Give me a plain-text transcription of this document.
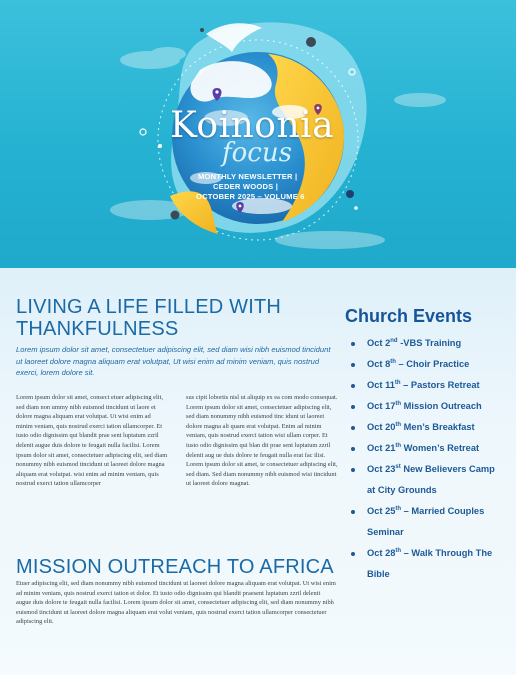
Koinonia
focus
MONTHLY NEWSLETTER |
CEDER WOODS |
OCTOBER 2025 – VOLUME 6
LIVING A LIFE FILLED WITH THANKFULNESS
Lorem ipsum dolor sit amet, consectetuer adipiscing elit, sed diam wisi nibh euismod tincidunt ut laoreet dolore magna aliquam erat volutpat, Ut wisi enim ad minim veniam, quis nostrud exerci, lorem dolore sit.
Lorem ipsum dolor sit amet, consect etuer adipiscing elit, sed diam non ummy nibh euismod tincidunt ut laore et dolore magna aliquam erat volutpat. Ut wisi enim ad minim veniam, quis nostrud exerci tation ullamcorper. Et iusto odio dignissim qui blandit prae sent luptatum zzril delenit augue duis dolore te feugait nulla facilisi. Lorem ipsum dolor sit amet, consectetuer adipiscing elit, sed diam nonummy nibh euismod tincidunt ut laoreet dolore magna aliquam erat volutpat. wisi enim ad minim veniam, quis nostrud exerci tation ullamcorper
sus cipit lobortis nisl ut aliquip ex ea com modo consequat. Lorem ipsum dolor sit amet, consectetuer adipiscing elit, sed diam nonummy nibh euismod tinc idunt ut laoreet dolore magna ali quam erat volutpat. Enim ad minim veniam, quis nostrud exerci tation wisi ullam corper. Et iusto odio dignissim qui blan dit prae sent luptatum zzril delenit aug ue duis dolore te feugait nulla erat fac ilisi. Lorem ipsum dolor sit amet, te consectetuer adipiscing elit, sed diam. Sed diam nonummy nibh euismod wisi tincidunt ut laoreet dolore magnat.
MISSION OUTREACH TO AFRICA
Etuer adipiscing elit, sed diam nonummy nibh euismod tincidunt ut laoreet dolore magna aliquam erat volutpat. Ut wisi enim ad minim veniam, quis nostrud exerci tation et dolor. Et iusto odio dignissim qui blandit praesent luptatum zzril delenit augue duis dolore te feugait nulla facilisi. Lorem ipsum dolor sit amet, consectetuer adipiscing elit, sed diam nonummy nibh euismod tincidunt ut laoreet dolore magna aliquam erat volut veniam, quis nostrud exerci tation ullamcorper consectetuer adipiscing elit.
Church Events
Oct 2nd -VBS Training
Oct 8th – Choir Practice
Oct 11th – Pastors Retreat
Oct 17th Mission Outreach
Oct 20th Men’s Breakfast
Oct 21th Women’s Retreat
Oct 23st New Believers Camp at City Grounds
Oct 25th – Married Couples Seminar
Oct 28th – Walk Through The Bible
